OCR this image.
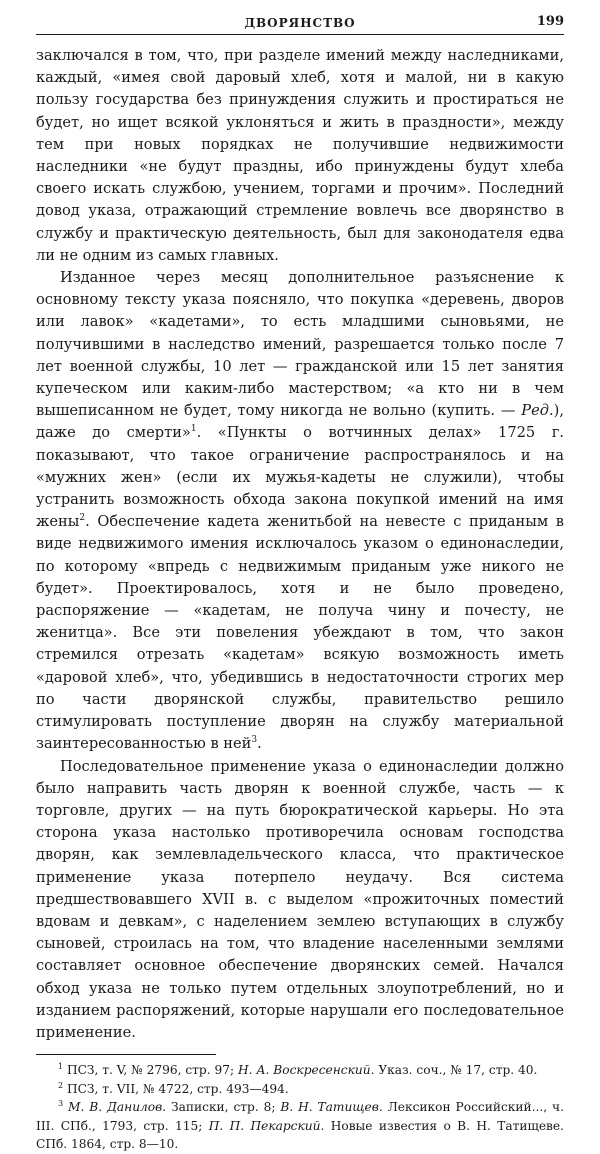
ДВОРЯНСТВО	199

заключался в том, что, при разделе имений между наследниками, каждый, «имея свой даровый хлеб, хотя и малой, ни в какую пользу государства без принуждения служить и простираться не будет, но ищет всякой уклоняться и жить в праздности», между тем при новых порядках не получившие недвижимости наследники «не будут праздны, ибо принуждены будут хлеба своего искать службою, учением, торгами и прочим». Последний довод указа, отражающий стремление вовлечь все дворянство в службу и практическую деятельность, был для законодателя едва ли не одним из самых главных.

Изданное через месяц дополнительное разъяснение к основному тексту указа поясняло, что покупка «деревень, дворов или лавок» «кадетами», то есть младшими сыновьями, не получившими в наследство имений, разрешается только после 7 лет военной службы, 10 лет — гражданской или 15 лет занятия купеческом или каким-либо мастерством; «а кто ни в чем вышеписанном не будет, тому никогда не вольно (купить. — Ред.), даже до смерти»$^1$. «Пункты о вотчинных делах» 1725 г. показывают, что такое ограничение распространялось и на «мужних жен» (если их мужья-кадеты не служили), чтобы устранить возможность обхода закона покупкой имений на имя жены$^2$. Обеспечение кадета женитьбой на невесте с приданым в виде недвижимого имения исключалось указом о единонаследии, по которому «впредь с недвижимым приданым уже никого не будет». Проектировалось, хотя и не было проведено, распоряжение — «кадетам, не получа чину и почесту, не женитца». Все эти повеления убеждают в том, что закон стремился отрезать «кадетам» всякую возможность иметь «даровой хлеб», что, убедившись в недостаточности строгих мер по части дворянской службы, правительство решило стимулировать поступление дворян на службу материальной заинтересованностью в ней$^3$.

Последовательное применение указа о единонаследии должно было направить часть дворян к военной службе, часть — к торговле, других — на путь бюрократической карьеры. Но эта сторона указа настолько противоречила основам господства дворян, как землевладельческого класса, что практическое применение указа потерпело неудачу. Вся система предшествовавшего XVII в. с выделом «прожиточных поместий вдовам и девкам», с наделением землею вступающих в службу сыновей, строилась на том, что владение населенными землями составляет основное обеспечение дворянских семей. Начался обход указа не только путем отдельных злоупотреблений, но и изданием распоряжений, которые нарушали его последовательное применение.

$^1$ ПСЗ, т. V, № 2796, стр. 97; Н. А. Воскресенский. Указ. соч., № 17, стр. 40.

$^2$ ПСЗ, т. VII, № 4722, стр. 493—494.

$^3$ М. В. Данилов. Записки, стр. 8; В. Н. Татищев. Лексикон Российский..., ч. III. СПб., 1793, стр. 115; П. П. Пекарский. Новые известия о В. Н. Татищеве. СПб. 1864, стр. 8—10.
